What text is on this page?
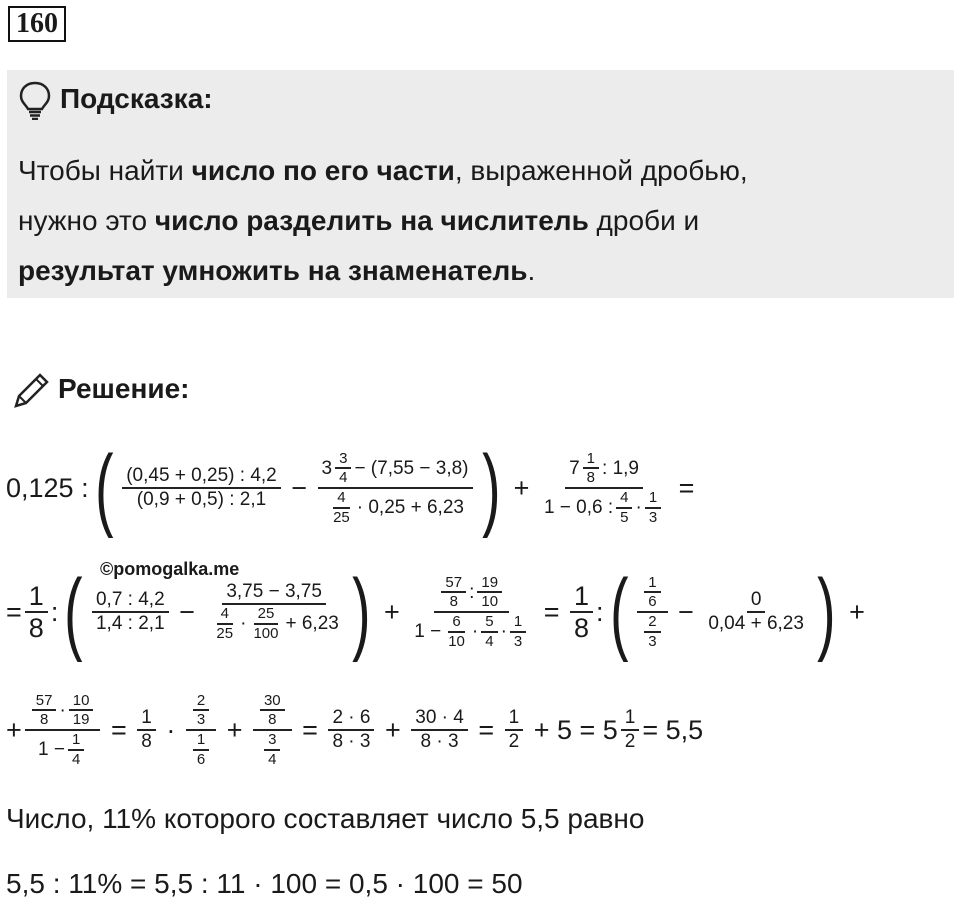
160
Подсказка:
Чтобы найти число по его части, выраженной дробью,
нужно это число разделить на числитель дроби и
результат умножить на знаменатель.
Решение:
0,125 : ( (0,45 + 0,25) : 4,2
(0,9 + 0,5) : $2,1 - \frac{3 \frac{3}{4} - (7,55 - 3,8)}{\frac{4}{25} \cdot 0,25 + 6,23}$ ) + $\frac{7 \frac{1}{8} : 1,9}{1 - 0,6 : \frac{4}{5} \cdot \frac{1}{3}}$ =
©pomogalka.me
= $\frac{1}{8}$ : ( 0,7 : 4,2
1,4 : $2,1 - \frac{3,75 - 3,75}{\frac{4}{25} \cdot \frac{25}{100} + 6,23}$ ) + $\frac{\frac{57}{8} : \frac{19}{10}}{1 - \frac{6}{10} \cdot \frac{5}{4} \cdot \frac{1}{3}} = \frac{1}{8}$ : ( $\frac{1}{6}$
$\frac{2}{3}$
− $\frac{0}{0,04 + 6,23}$ ) +
+ $\frac{\frac{57}{8} \cdot \frac{10}{19}}{1 - \frac{1}{4}} = \frac{1}{8}$ ·
$\frac{2}{3}$
$\frac{1}{6}$
+ $\frac{\frac{30}{8}}{\frac{3}{4}} = \frac{2 \cdot 6}{8 \cdot 3} + \frac{30 \cdot 4}{8 \cdot 3} = \frac{1}{2} + 5 = 5 \frac{1}{2} = 5,5$
Число, 11% которого составляет число 5,5 равно
5,5 : 11% = 5,5 : 11 · 100 = 0,5 · 100 = 50
